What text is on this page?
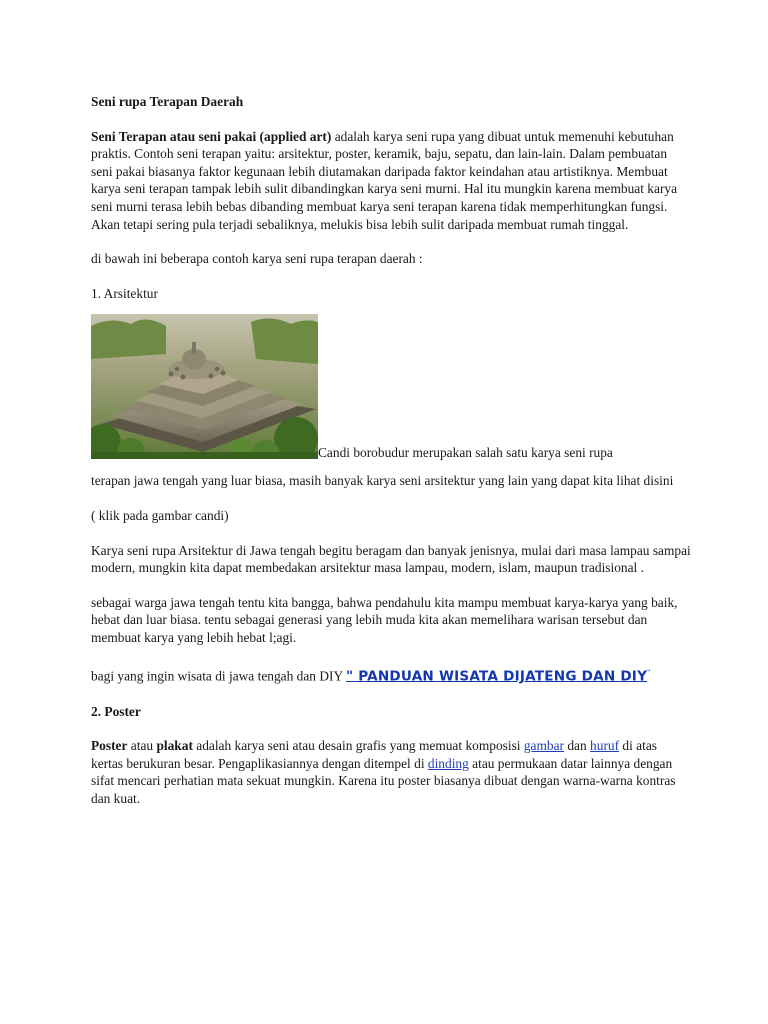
Seni rupa Terapan Daerah

Seni Terapan atau seni pakai (applied art) adalah karya seni rupa yang dibuat untuk memenuhi kebutuhan praktis. Contoh seni terapan yaitu: arsitektur, poster, keramik, baju, sepatu, dan lain-lain. Dalam pembuatan seni pakai biasanya faktor kegunaan lebih diutamakan daripada faktor keindahan atau artistiknya. Membuat karya seni terapan tampak lebih sulit dibandingkan karya seni murni. Hal itu mungkin karena membuat karya seni murni terasa lebih bebas dibanding membuat karya seni terapan karena tidak memperhitungkan fungsi. Akan tetapi sering pula terjadi sebaliknya, melukis bisa lebih sulit daripada membuat rumah tinggal.

di bawah ini beberapa contoh karya seni rupa terapan daerah :

1. Arsitektur

Candi borobudur merupakan salah satu karya seni rupa

terapan jawa tengah yang luar biasa, masih banyak karya seni arsitektur yang lain yang dapat kita lihat disini

( klik pada gambar candi)

Karya seni rupa Arsitektur di Jawa tengah begitu beragam dan banyak jenisnya, mulai dari masa lampau sampai modern, mungkin kita dapat membedakan arsitektur masa lampau, modern, islam, maupun tradisional .

sebagai warga jawa tengah tentu kita bangga, bahwa pendahulu kita mampu membuat karya-karya yang baik, hebat dan luar biasa. tentu sebagai generasi yang lebih muda kita akan memelihara warisan tersebut dan membuat karya yang lebih hebat l;agi.

bagi yang ingin wisata di jawa tengah dan DIY " PANDUAN WISATA DIJATENG DAN DIY"

2. Poster

Poster atau plakat adalah karya seni atau desain grafis yang memuat komposisi gambar dan huruf di atas kertas berukuran besar. Pengaplikasiannya dengan ditempel di dinding atau permukaan datar lainnya dengan sifat mencari perhatian mata sekuat mungkin. Karena itu poster biasanya dibuat dengan warna-warna kontras dan kuat.
